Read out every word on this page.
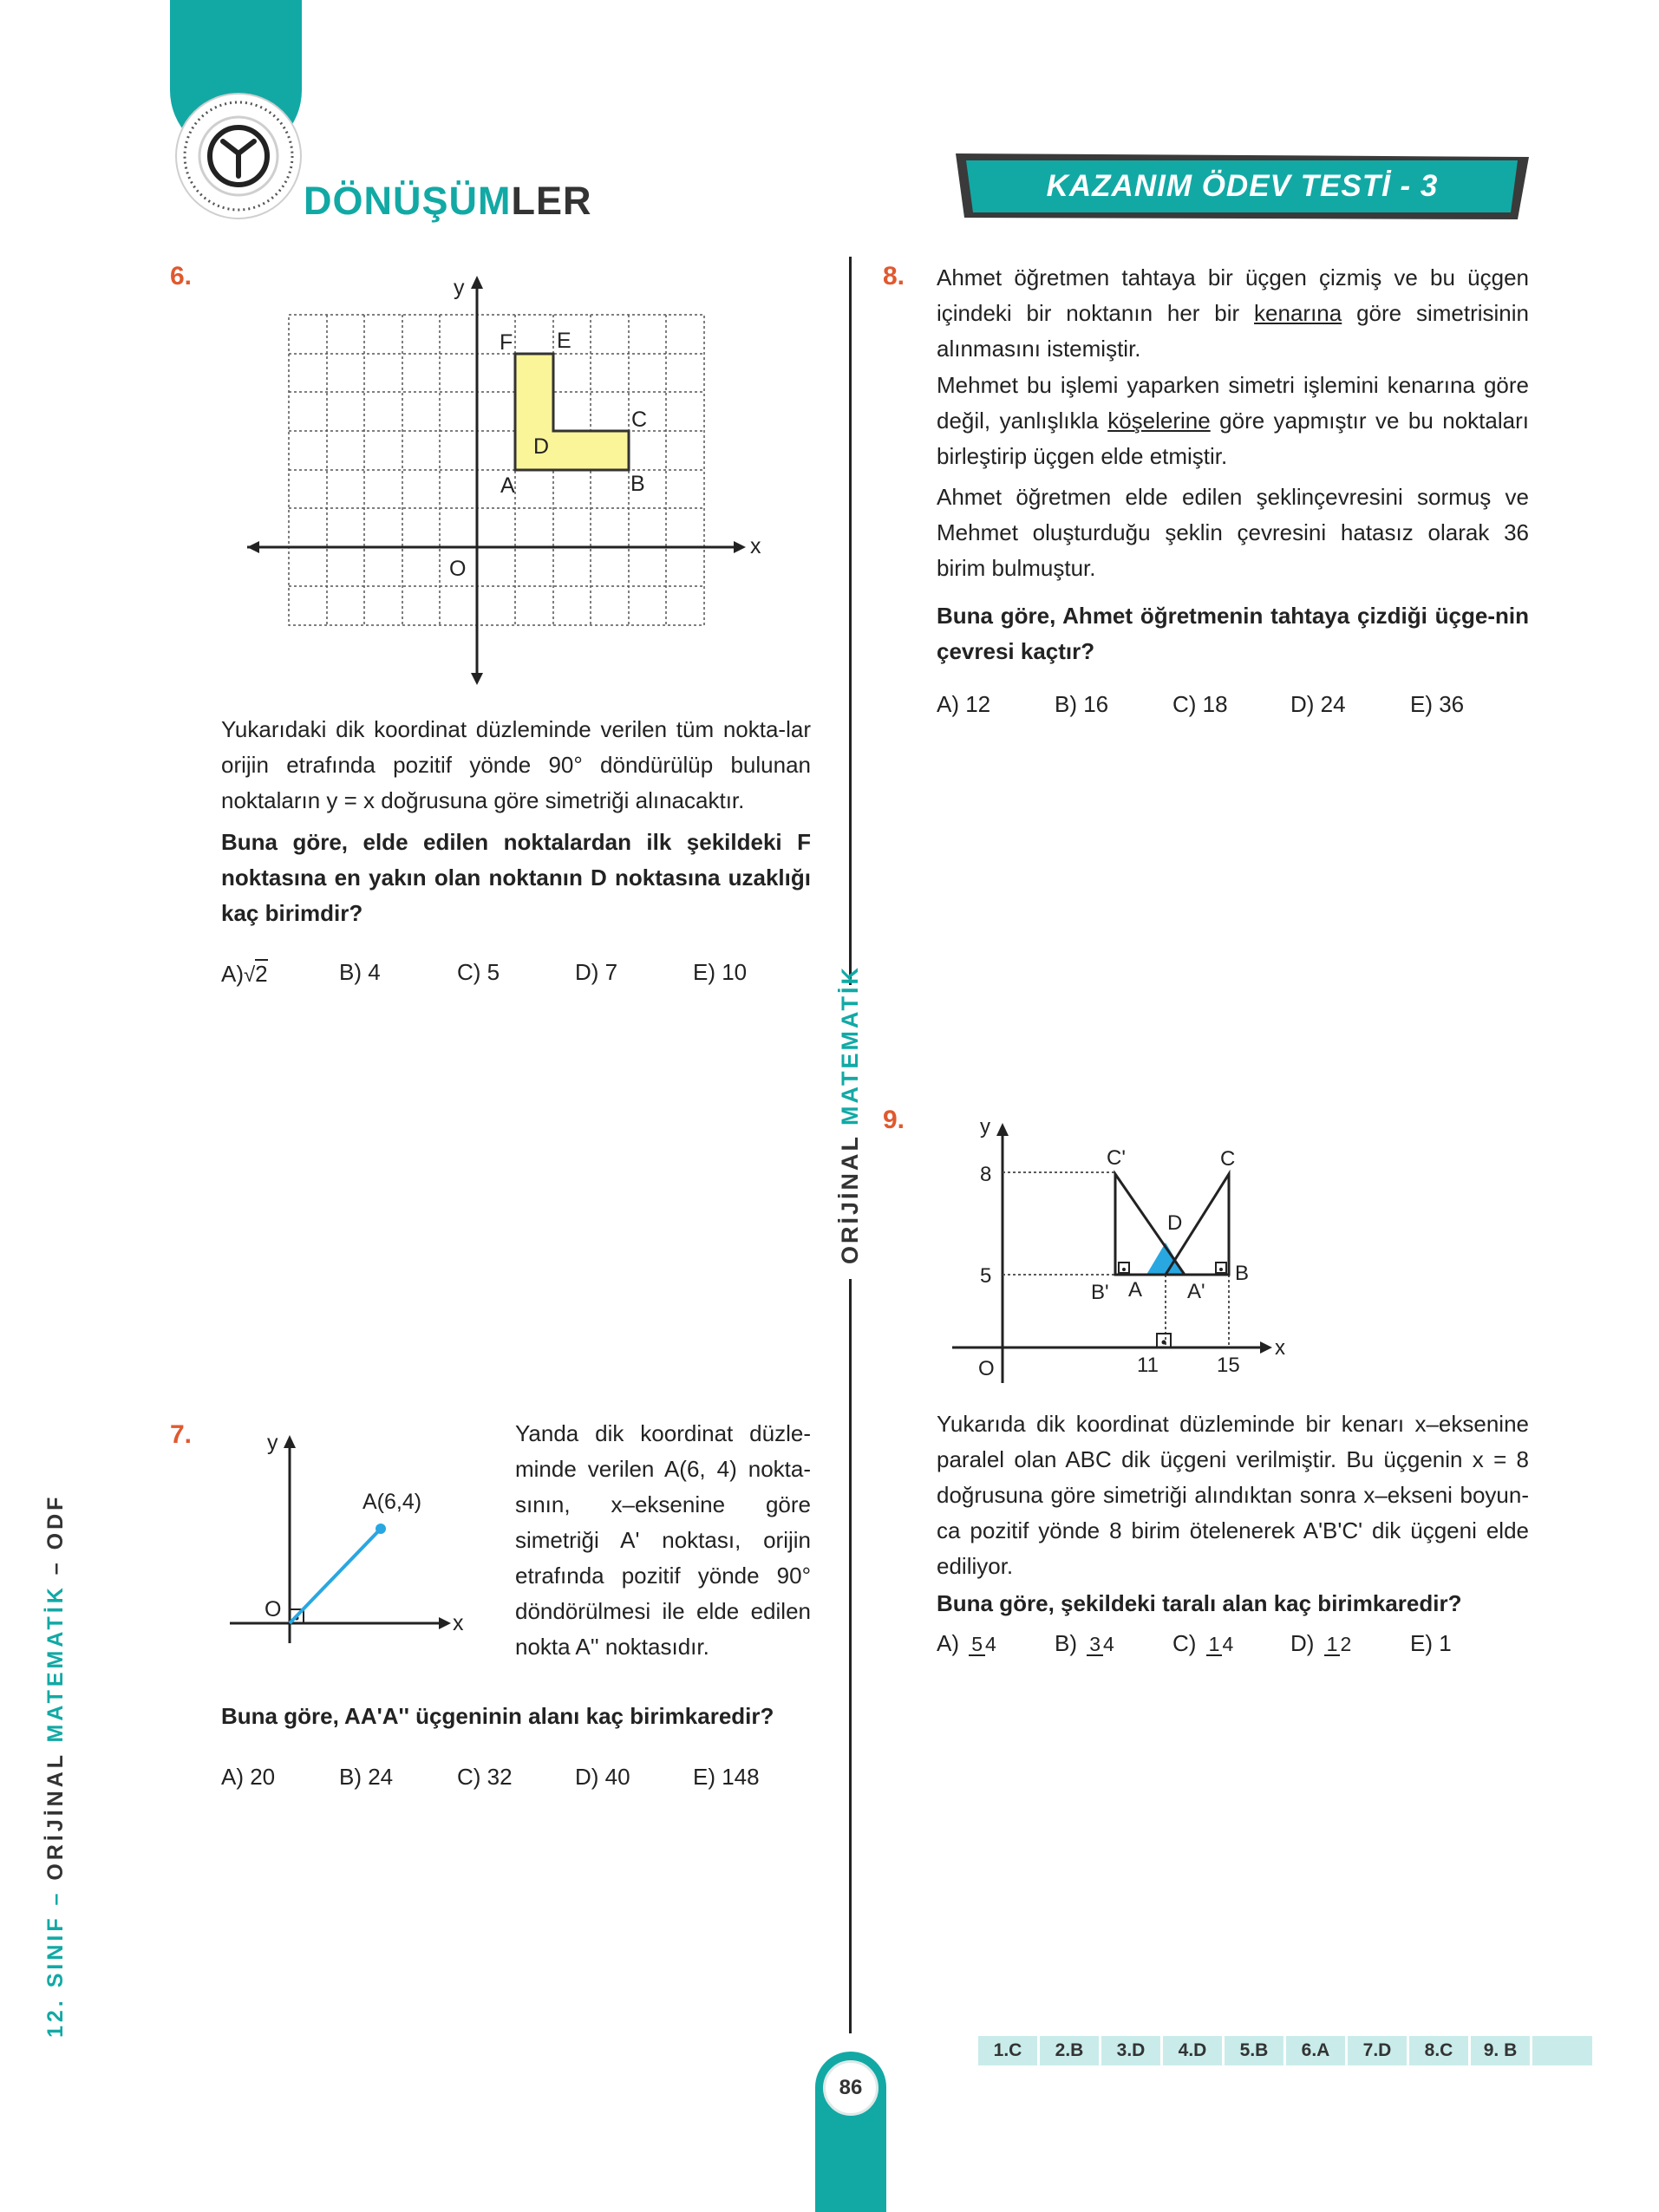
DÖNÜŞÜMLER	KAZANIM ÖDEV TESTİ - 3
12. SINIF – ORİJİNAL MATEMATİK – ODF
ORİJİNAL MATEMATİK
6.	y
x
O
F E
C
D
A	B
Yukarıdaki dik koordinat düzleminde verilen tüm nokta-lar orijin etrafında pozitif yönde 90° döndürülüp bulunan noktaların y = x doğrusuna göre simetriği alınacaktır.
Buna göre, elde edilen noktalardan ilk şekildeki F noktasına en yakın olan noktanın D noktasına uzaklığı kaç birimdir?
A)√2	B) 4	C) 5	D) 7	E) 10
7.	y
x
O
A(6,4)
Yanda dik koordinat düzle-minde verilen A(6, 4) nokta-sının, x–eksenine göre simetriği A' noktası, orijin etrafında pozitif yönde 90° döndörülmesi ile elde edilen nokta A'' noktasıdır.
Buna göre, AA'A'' üçgeninin alanı kaç birimkaredir?
A) 20	B) 24	C) 32	D) 40	E) 148
8. Ahmet öğretmen tahtaya bir üçgen çizmiş ve bu üçgen içindeki bir noktanın her bir kenarına göre simetrisinin alınmasını istemiştir.
Mehmet bu işlemi yaparken simetri işlemini kenarına göre değil, yanlışlıkla köşelerine göre yapmıştır ve bu noktaları birleştirip üçgen elde etmiştir.
Ahmet öğretmen elde edilen şeklinçevresini sormuş ve Mehmet oluşturduğu şeklin çevresini hatasız olarak 36 birim bulmuştur.
Buna göre, Ahmet öğretmenin tahtaya çizdiği üçge-nin çevresi kaçtır?
A) 12	B) 16	C) 18	D) 24	E) 36
9.	y
x
O
8
5
11	15
C'	C
D
B' A A'
B
Yukarıda dik koordinat düzleminde bir kenarı x–eksenine paralel olan ABC dik üçgeni verilmiştir. Bu üçgenin x = 8 doğrusuna göre simetriği alındıktan sonra x–ekseni boyun-ca pozitif yönde 8 birim ötelenerek A'B'C' dik üçgeni elde ediliyor.
Buna göre, şekildeki taralı alan kaç birimkaredir?
A) 5 4	B) 3 4	C) 1 4	D) 1 2	E) 1
1.C	2.B	3.D	4.D	5.B	6.A	7.D	8.C	9. B
86
